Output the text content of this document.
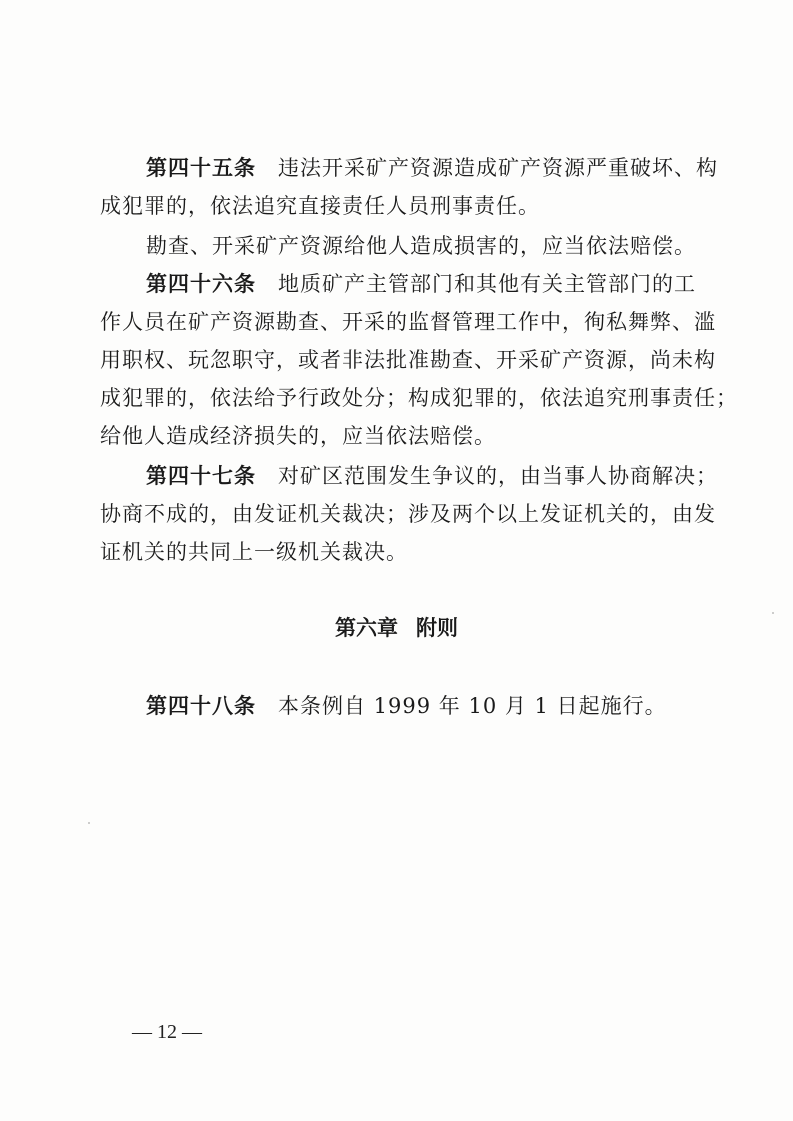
第四十五条 违法开采矿产资源造成矿产资源严重破坏、构
成犯罪的，依法追究直接责任人员刑事责任。
勘查、开采矿产资源给他人造成损害的，应当依法赔偿。
第四十六条 地质矿产主管部门和其他有关主管部门的工
作人员在矿产资源勘查、开采的监督管理工作中，徇私舞弊、滥
用职权、玩忽职守，或者非法批准勘查、开采矿产资源，尚未构
成犯罪的，依法给予行政处分；构成犯罪的，依法追究刑事责任；
给他人造成经济损失的，应当依法赔偿。
第四十七条 对矿区范围发生争议的，由当事人协商解决；
协商不成的，由发证机关裁决；涉及两个以上发证机关的，由发
证机关的共同上一级机关裁决。
第六章 附则
第四十八条 本条例自 1999 年 10 月 1 日起施行。
— 12 —
